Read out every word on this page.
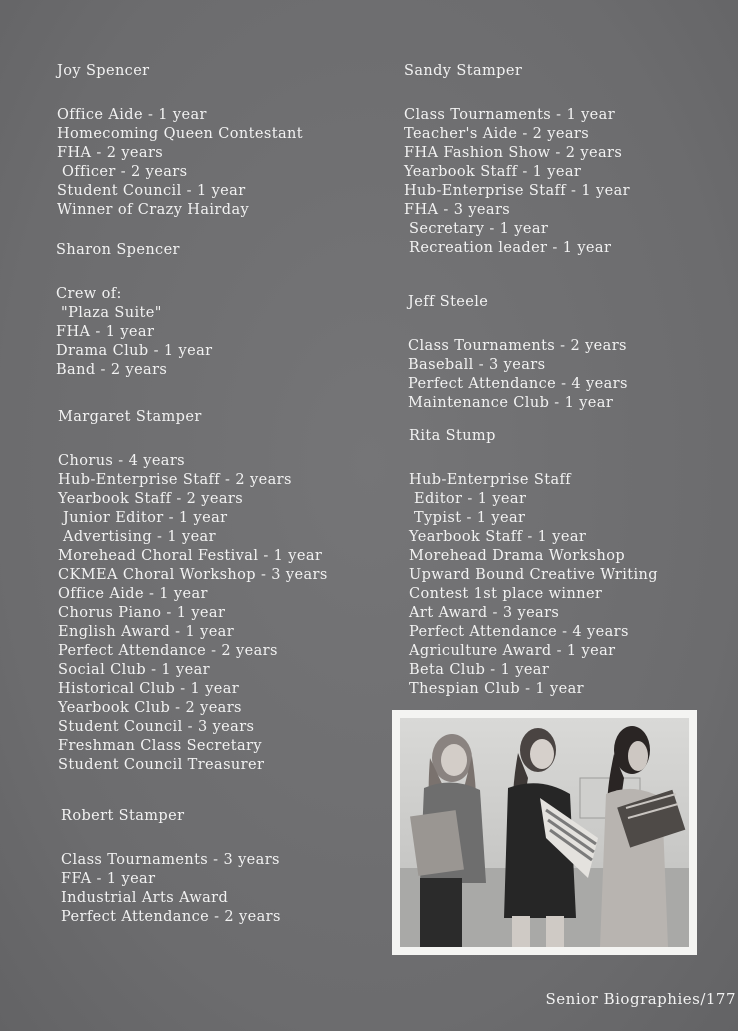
Joy Spencer
Office Aide - 1 year
Homecoming Queen Contestant
FHA - 2 years
Officer - 2 years
Student Council - 1 year
Winner of Crazy Hairday
Sharon Spencer
Crew of:
"Plaza Suite"
FHA - 1 year
Drama Club - 1 year
Band - 2 years
Margaret Stamper
Chorus - 4 years
Hub-Enterprise Staff - 2 years
Yearbook Staff - 2 years
Junior Editor - 1 year
Advertising - 1 year
Morehead Choral Festival - 1 year
CKMEA Choral Workshop - 3 years
Office Aide - 1 year
Chorus Piano - 1 year
English Award - 1 year
Perfect Attendance - 2 years
Social Club - 1 year
Historical Club - 1 year
Yearbook Club - 2 years
Student Council - 3 years
Freshman Class Secretary
Student Council Treasurer
Robert Stamper
Class Tournaments - 3 years
FFA - 1 year
Industrial Arts Award
Perfect Attendance - 2 years
Sandy Stamper
Class Tournaments - 1 year
Teacher's Aide - 2 years
FHA Fashion Show - 2 years
Yearbook Staff - 1 year
Hub-Enterprise Staff - 1 year
FHA - 3 years
Secretary - 1 year
Recreation leader - 1 year
Jeff Steele
Class Tournaments - 2 years
Baseball - 3 years
Perfect Attendance - 4 years
Maintenance Club - 1 year
Rita Stump
Hub-Enterprise Staff
Editor - 1 year
Typist - 1 year
Yearbook Staff - 1 year
Morehead Drama Workshop
Upward Bound Creative Writing
Contest 1st place winner
Art Award - 3 years
Perfect Attendance - 4 years
Agriculture Award - 1 year
Beta Club - 1 year
Thespian Club - 1 year
Senior Biographies/177
